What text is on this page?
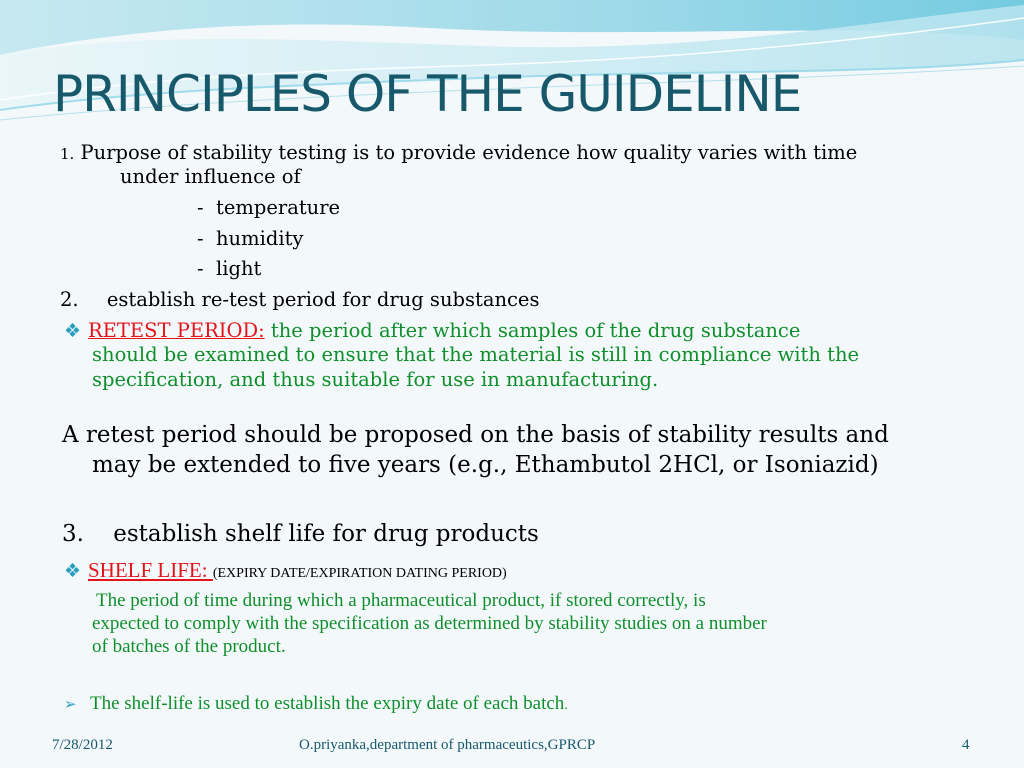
PRINCIPLES OF THE GUIDELINE
1. Purpose of stability testing is to provide evidence how quality varies with time
under influence of
- temperature
- humidity
- light
2. establish re-test period for drug substances
❖ RETEST PERIOD: the period after which samples of the drug substance
should be examined to ensure that the material is still in compliance with the
specification, and thus suitable for use in manufacturing.
A retest period should be proposed on the basis of stability results and
may be extended to five years (e.g., Ethambutol 2HCl, or Isoniazid)
3. establish shelf life for drug products
❖ SHELF LIFE: (EXPIRY DATE/EXPIRATION DATING PERIOD)
The period of time during which a pharmaceutical product, if stored correctly, is
expected to comply with the specification as determined by stability studies on a number
of batches of the product.
➢ The shelf-life is used to establish the expiry date of each batch.
7/28/2012	O.priyanka,department of pharmaceutics,GPRCP	4
